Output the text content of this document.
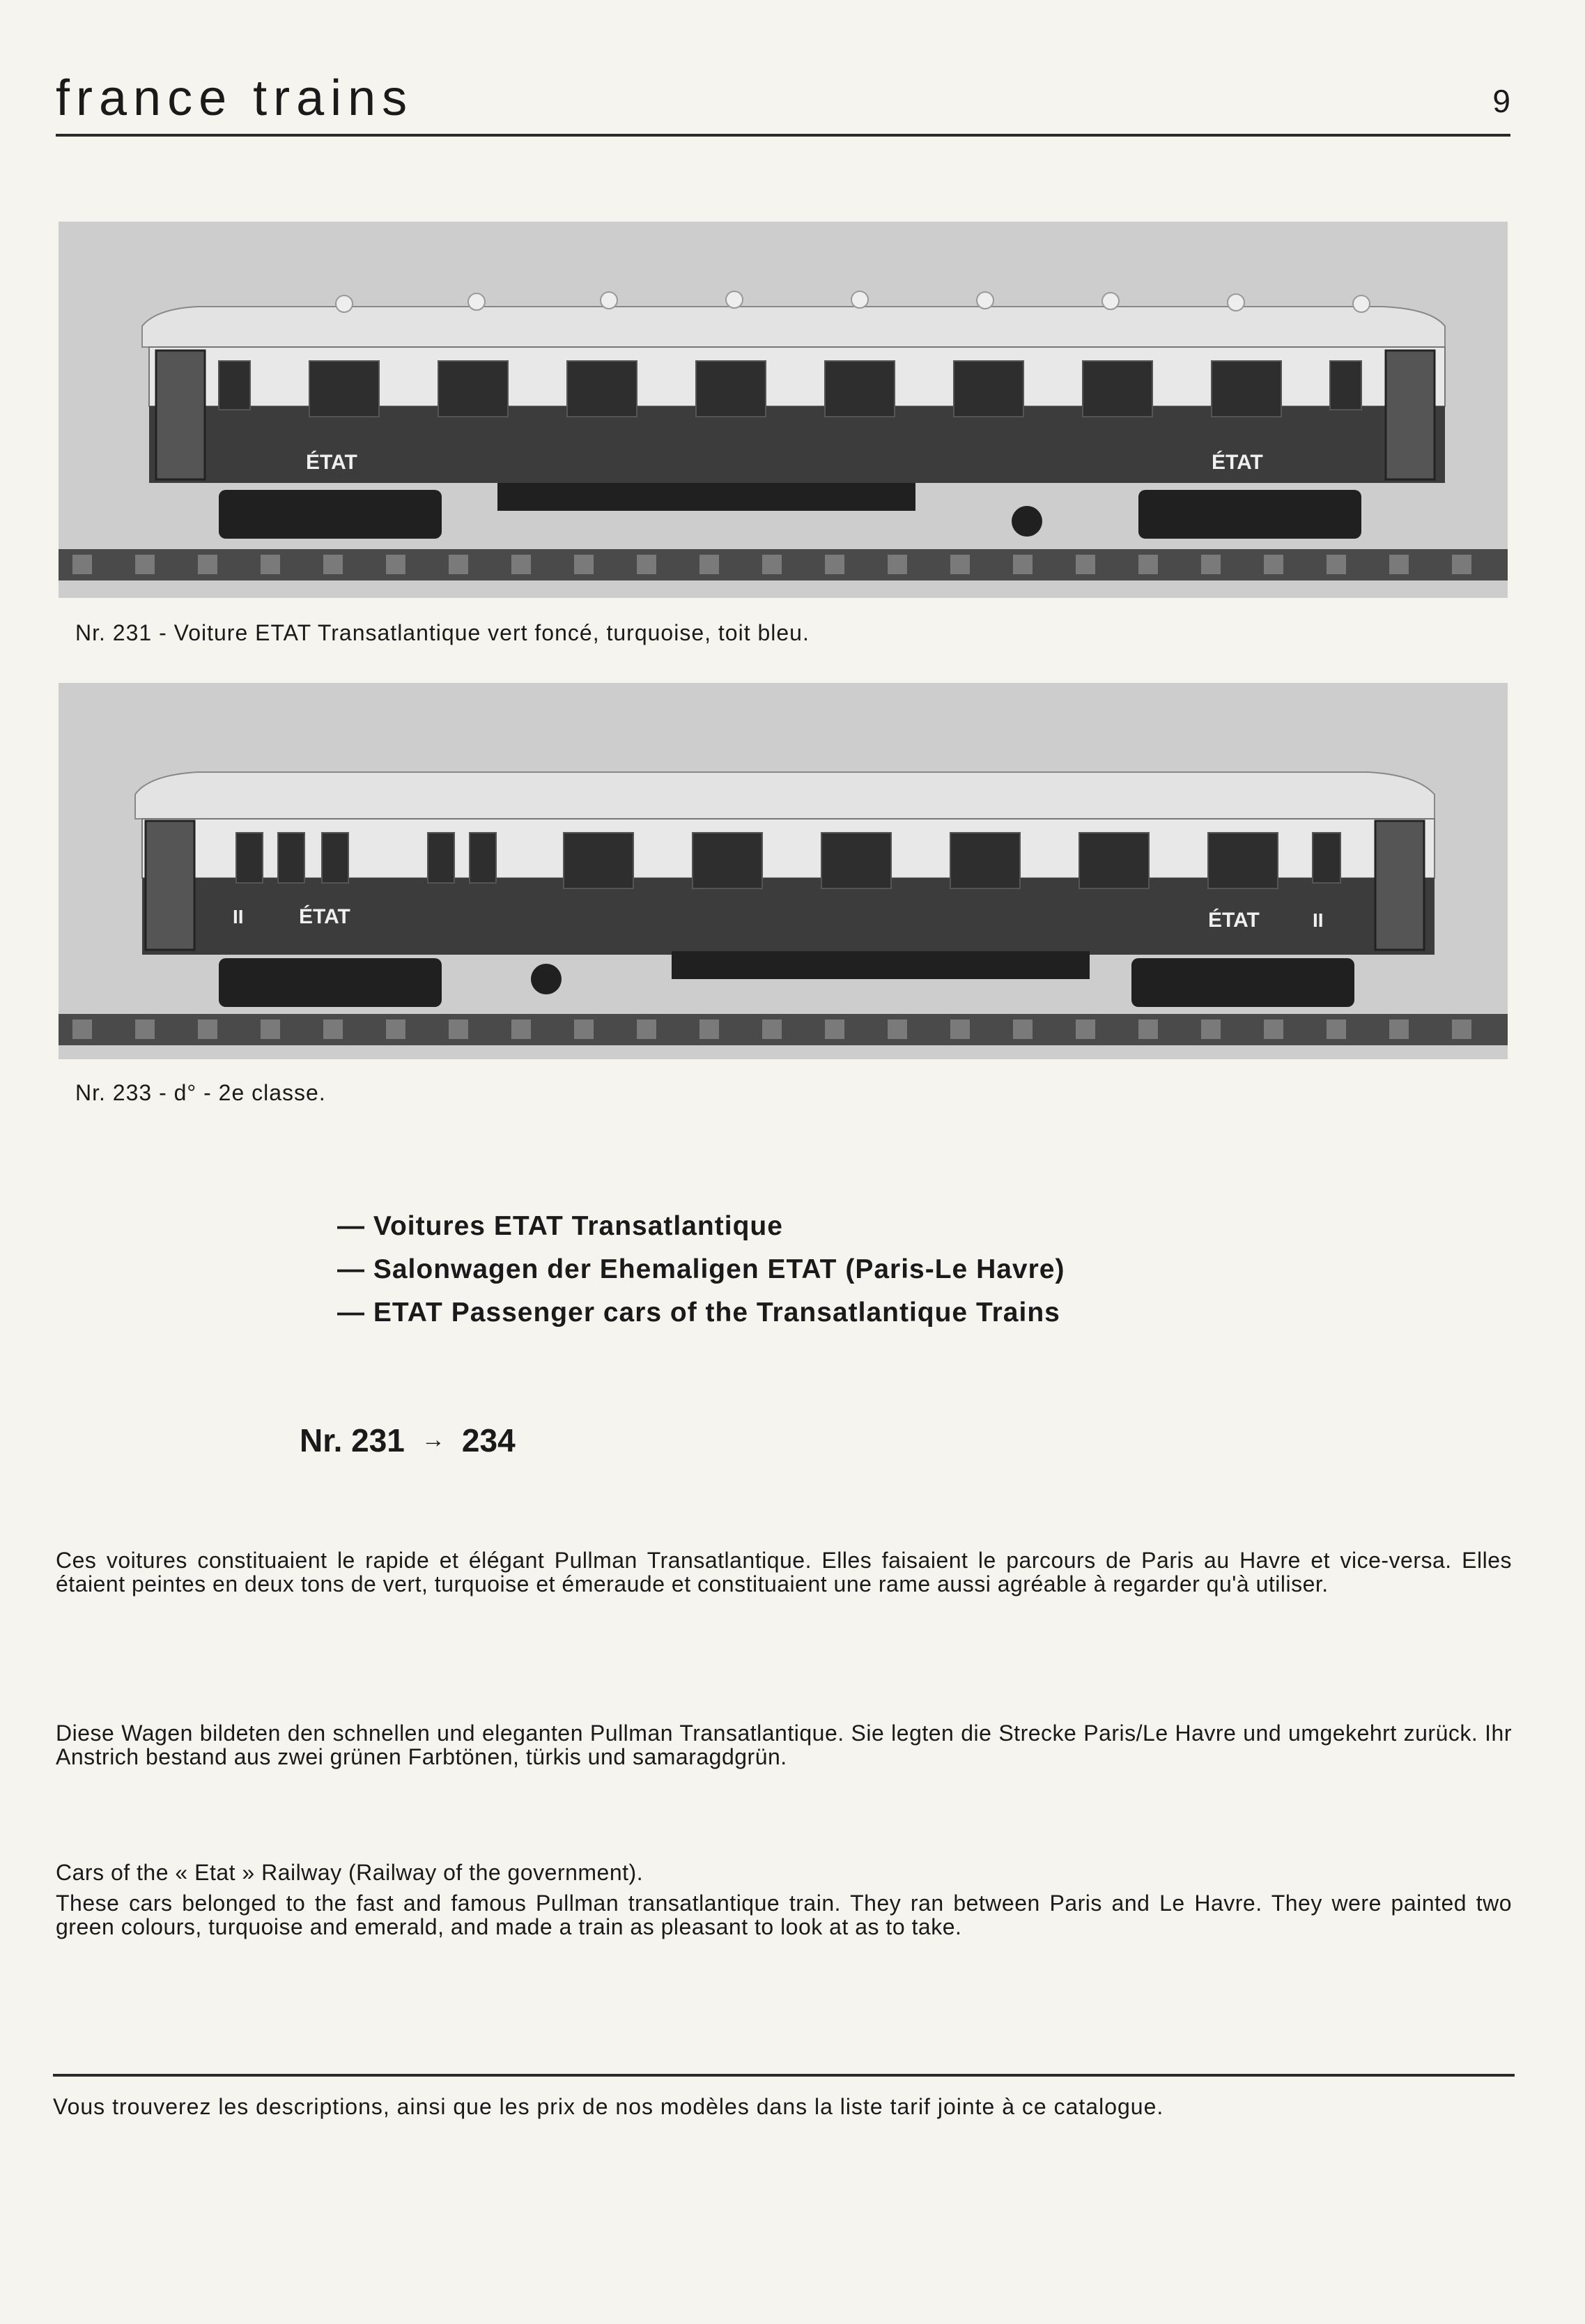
france trains	9
ÉTAT	ÉTAT
Nr. 231 - Voiture ETAT Transatlantique vert foncé, turquoise, toit bleu.
II	ÉTAT	ÉTAT	II
Nr. 233 - d° - 2e classe.
— Voitures ETAT Transatlantique
— Salonwagen der Ehemaligen ETAT (Paris-Le Havre)
— ETAT Passenger cars of the Transatlantique Trains
Nr. 231 → 234

Ces voitures constituaient le rapide et élégant Pullman Transatlantique. Elles faisaient le parcours de Paris au Havre et vice-versa. Elles étaient peintes en deux tons de vert, turquoise et émeraude et constituaient une rame aussi agréable à regarder qu'à utiliser.

Diese Wagen bildeten den schnellen und eleganten Pullman Transatlantique. Sie legten die Strecke Paris/Le Havre und umgekehrt zurück. Ihr Anstrich bestand aus zwei grünen Farbtönen, türkis und samaragdgrün.

Cars of the « Etat » Railway (Railway of the government).

These cars belonged to the fast and famous Pullman transatlantique train. They ran between Paris and Le Havre. They were painted two green colours, turquoise and emerald, and made a train as pleasant to look at as to take.

Vous trouverez les descriptions, ainsi que les prix de nos modèles dans la liste tarif jointe à ce catalogue.
